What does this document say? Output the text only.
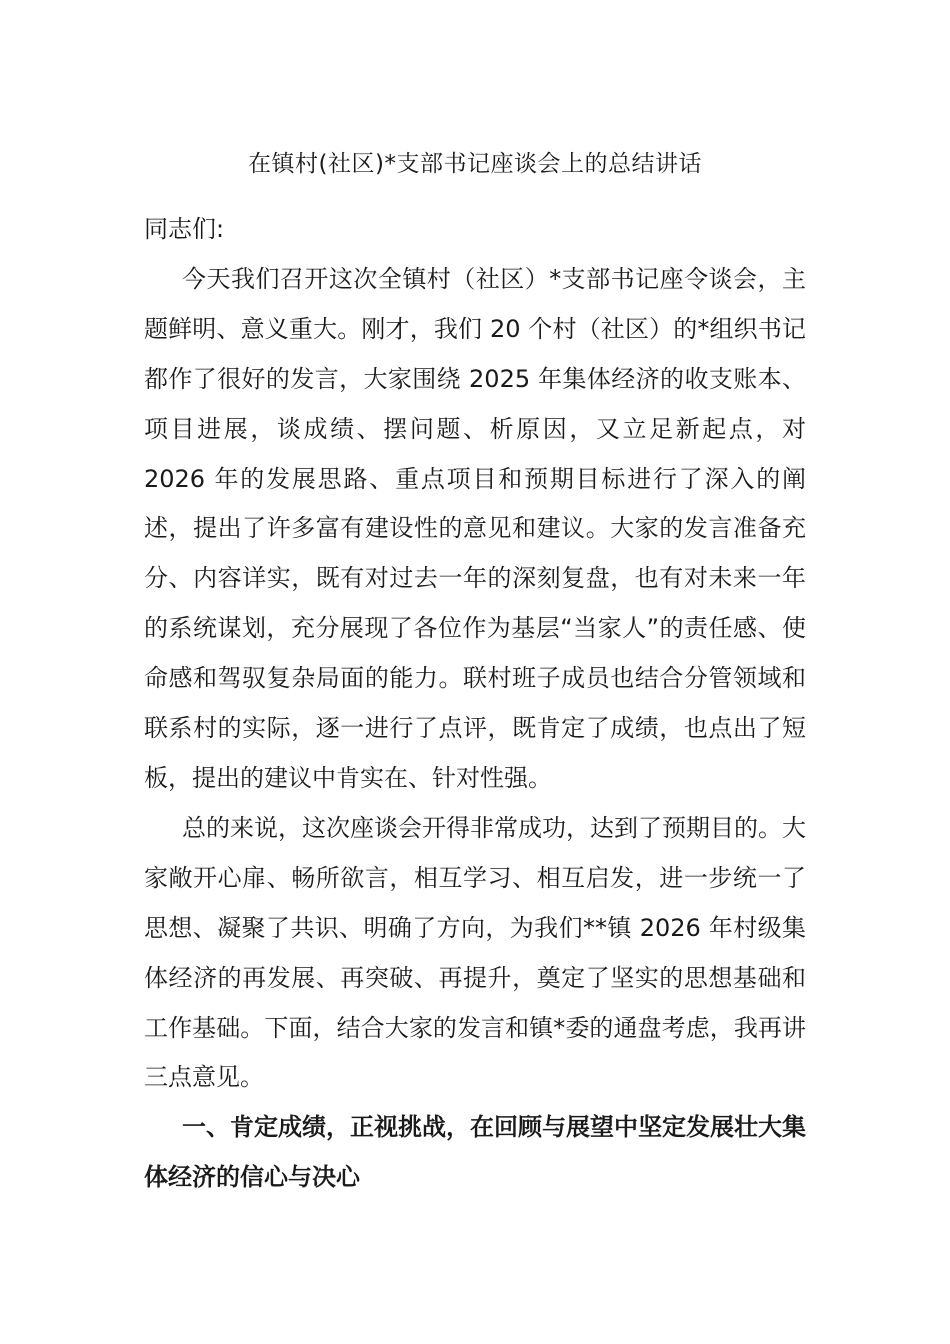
在镇村(社区)*支部书记座谈会上的总结讲话

同志们:

今天我们召开这次全镇村（社区）*支部书记座令谈会，主题鲜明、意义重大。刚才，我们 20 个村（社区）的*组织书记都作了很好的发言，大家围绕 2025 年集体经济的收支账本、项目进展，谈成绩、摆问题、析原因，又立足新起点，对 2026 年的发展思路、重点项目和预期目标进行了深入的阐述，提出了许多富有建设性的意见和建议。大家的发言准备充分、内容详实，既有对过去一年的深刻复盘，也有对未来一年的系统谋划，充分展现了各位作为基层“当家人”的责任感、使命感和驾驭复杂局面的能力。联村班子成员也结合分管领域和联系村的实际，逐一进行了点评，既肯定了成绩，也点出了短板，提出的建议中肯实在、针对性强。

总的来说，这次座谈会开得非常成功，达到了预期目的。大家敞开心扉、畅所欲言，相互学习、相互启发，进一步统一了思想、凝聚了共识、明确了方向，为我们**镇 2026 年村级集体经济的再发展、再突破、再提升，奠定了坚实的思想基础和工作基础。下面，结合大家的发言和镇*委的通盘考虑，我再讲三点意见。

一、肯定成绩，正视挑战，在回顾与展望中坚定发展壮大集体经济的信心与决心
